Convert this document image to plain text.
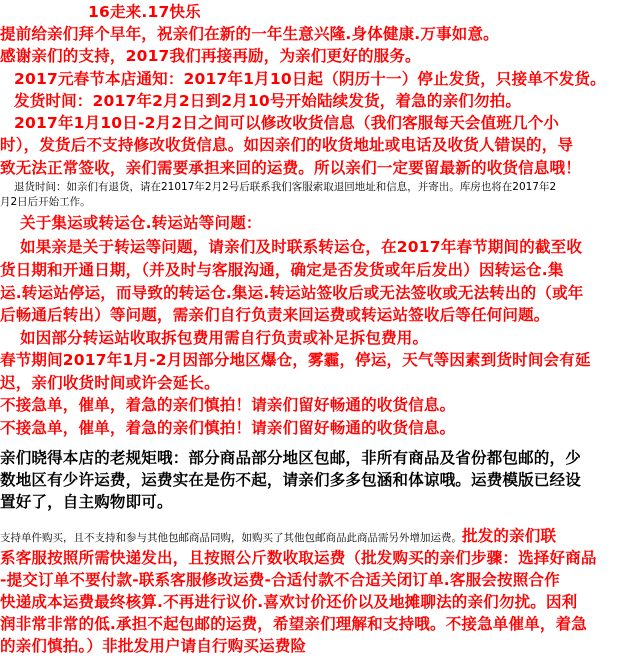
16走来.17快乐
提前给亲们拜个早年，祝亲们在新的一年生意兴隆.身体健康.万事如意。
感谢亲们的支持，2017我们再接再励，为亲们更好的服务。
2017元春节本店通知：2017年1月10日起（阴历十一）停止发货，只接单不发货。
发货时间：2017年2月2日到2月10号开始陆续发货，着急的亲们勿拍。
2017年1月10日-2月2日之间可以修改收货信息（我们客服每天会值班几个小
时），发货后不支持修改收货信息。如因亲们的收货地址或电话及收货人错误的，导
致无法正常签收，亲们需要承担来回的运费。所以亲们一定要留最新的收货信息哦！
退货时间：如亲们有退货，请在21017年2月2号后联系我们客服索取退回地址和信息，并寄出。库房也将在2017年2
月2日后开始工作。
关于集运或转运仓.转运站等问题：
如果亲是关于转运等问题，请亲们及时联系转运仓，在2017年春节期间的截至收
货日期和开通日期，（并及时与客服沟通，确定是否发货或年后发出）因转运仓.集
运.转运站停运，而导致的转运仓.集运.转运站签收后或无法签收或无法转出的（或年
后畅通后转出）等问题，需亲们自行负责来回运费或转运站签收后等任何问题。
如因部分转运站收取拆包费用需自行负责或补足拆包费用。
春节期间2017年1月-2月因部分地区爆仓，雾霾，停运，天气等因素到货时间会有延
迟，亲们收货时间或许会延长。
不接急单，催单，着急的亲们慎拍！请亲们留好畅通的收货信息。
不接急单，催单，着急的亲们慎拍！请亲们留好畅通的收货信息。
亲们晓得本店的老规矩哦：部分商品部分地区包邮，非所有商品及省份都包邮的，少
数地区有少许运费，运费实在是伤不起，请亲们多多包涵和体谅哦。运费模版已经设
置好了，自主购物即可。
支持单件购买，且不支持和参与其他包邮商品同购，如购买了其他包邮商品此商品需另外增加运费。批发的亲们联
系客服按照所需快递发出，且按照公斤数收取运费（批发购买的亲们步骤：选择好商品
-提交订单不要付款-联系客服修改运费-合适付款不合适关闭订单.客服会按照合作
快递成本运费最终核算.不再进行议价.喜欢讨价还价以及地摊聊法的亲们勿扰。因利
润非常非常的低.承担不起包邮的运费，希望亲们理解和支持哦。不接急单催单，着急
的亲们慎拍。）非批发用户请自行购买运费险
